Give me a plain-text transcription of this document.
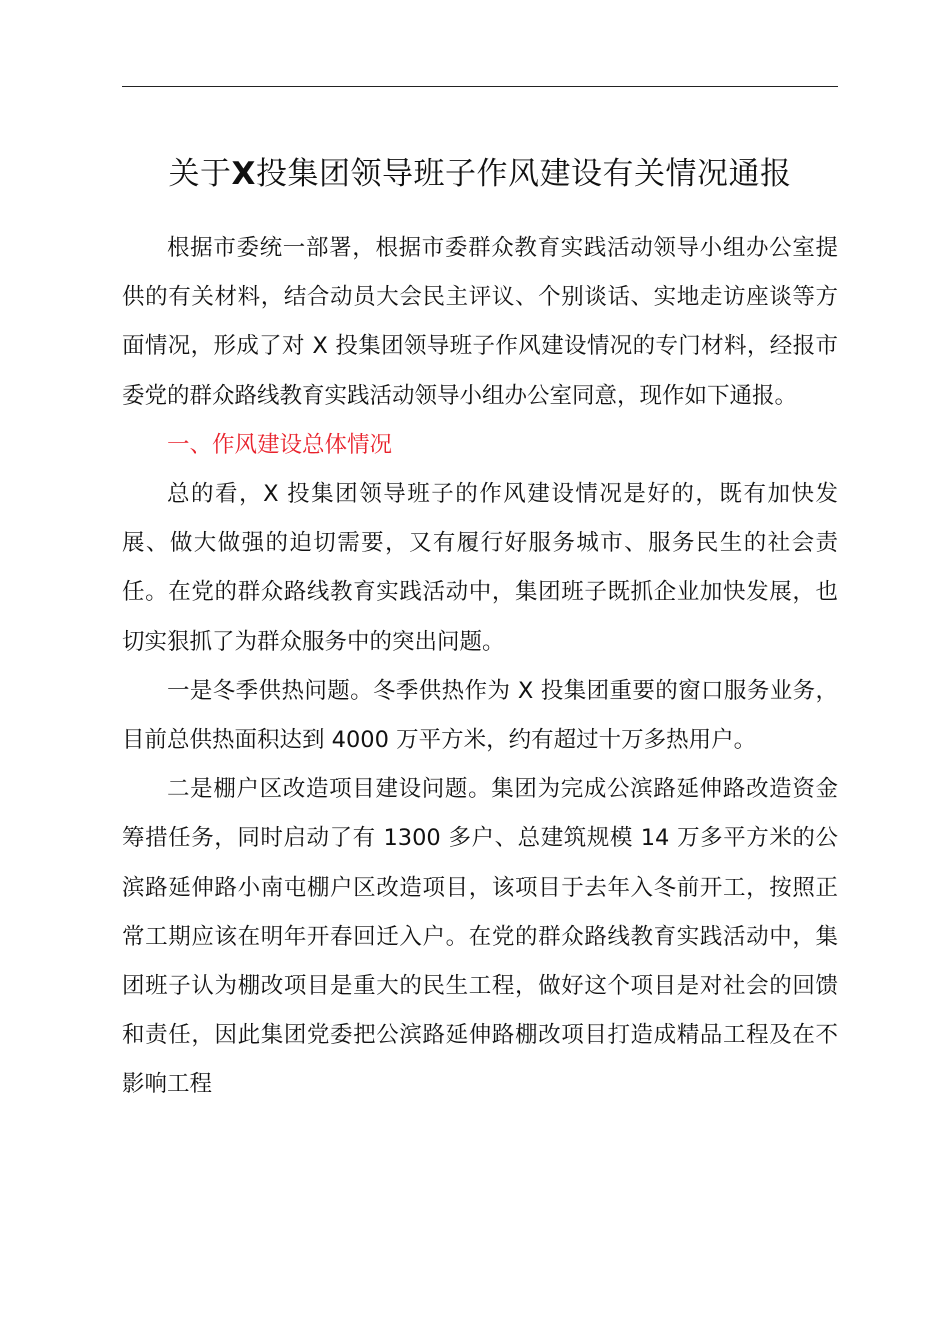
关于X投集团领导班子作风建设有关情况通报

根据市委统一部署，根据市委群众教育实践活动领导小组办公室提供的有关材料，结合动员大会民主评议、个别谈话、实地走访座谈等方面情况，形成了对 X 投集团领导班子作风建设情况的专门材料，经报市委党的群众路线教育实践活动领导小组办公室同意，现作如下通报。

一、作风建设总体情况

总的看，X 投集团领导班子的作风建设情况是好的，既有加快发展、做大做强的迫切需要，又有履行好服务城市、服务民生的社会责任。在党的群众路线教育实践活动中，集团班子既抓企业加快发展，也切实狠抓了为群众服务中的突出问题。

一是冬季供热问题。冬季供热作为 X 投集团重要的窗口服务业务，目前总供热面积达到 4000 万平方米，约有超过十万多热用户。

二是棚户区改造项目建设问题。集团为完成公滨路延伸路改造资金筹措任务，同时启动了有 1300 多户、总建筑规模 14 万多平方米的公滨路延伸路小南屯棚户区改造项目，该项目于去年入冬前开工，按照正常工期应该在明年开春回迁入户。在党的群众路线教育实践活动中，集团班子认为棚改项目是重大的民生工程，做好这个项目是对社会的回馈和责任，因此集团党委把公滨路延伸路棚改项目打造成精品工程及在不影响工程
